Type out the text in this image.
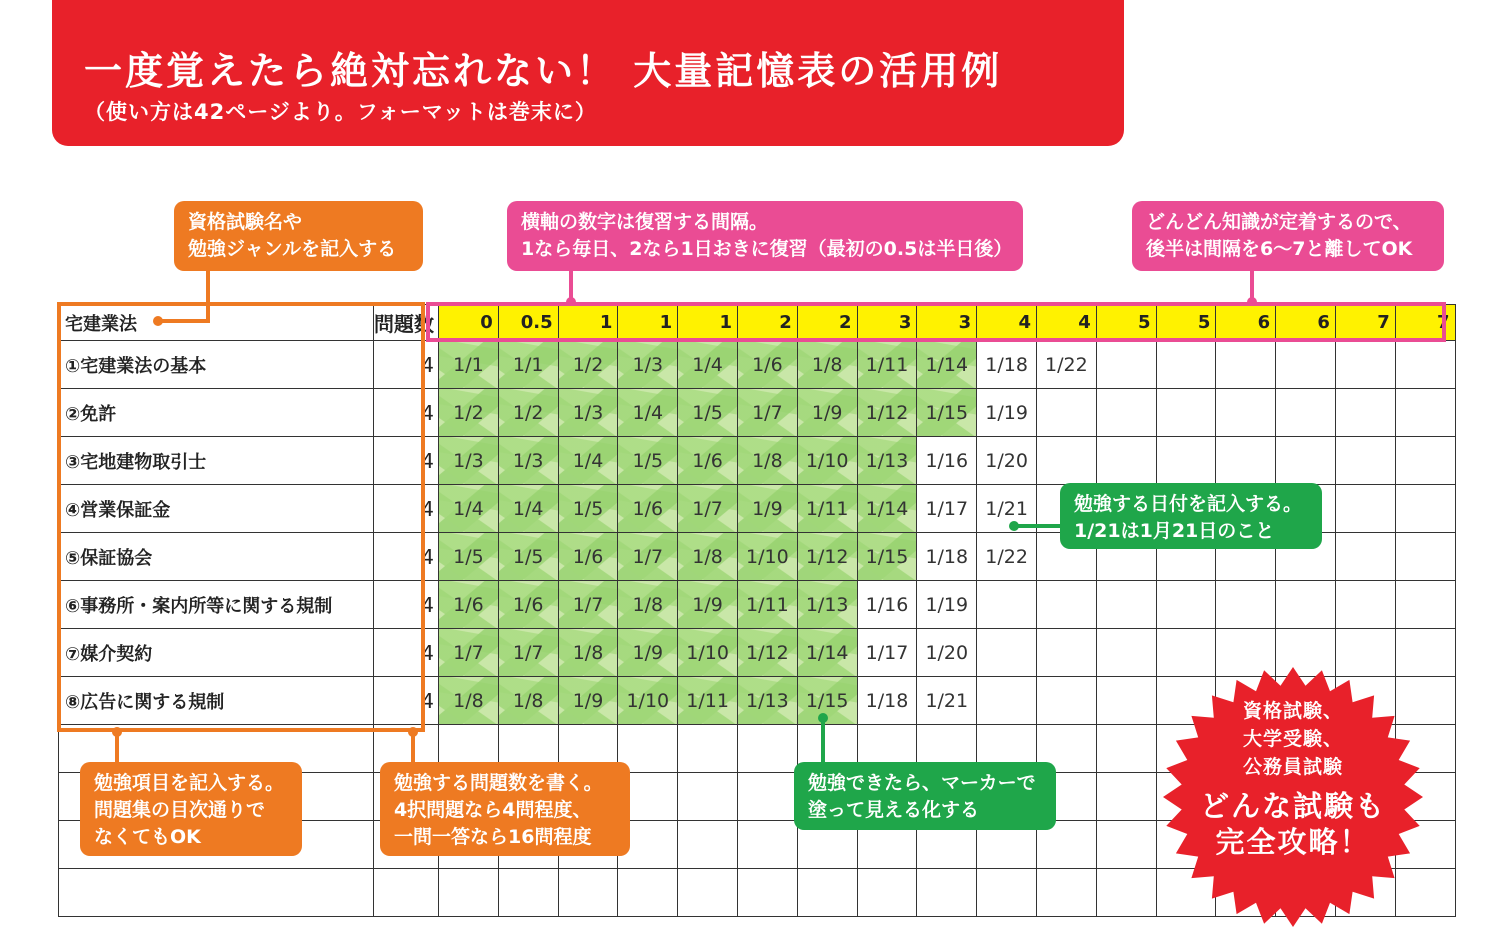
一度覚えたら絶対忘れない！ 大量記憶表の活用例
（使い方は42ページより。フォーマットは巻末に）
資格試験名や
勉強ジャンルを記入する
横軸の数字は復習する間隔。
1なら毎日、2なら1日おきに復習（最初の0.5は半日後）
どんどん知識が定着するので、
後半は間隔を6〜7と離してOK
宅建業法	問題数	0	0.5	1	1	1	2	2	3	3	4	4	5	5	6	6	7	7
①宅建業法の基本	4	1/1	1/1	1/2	1/3	1/4	1/6	1/8	1/11	1/14	1/18	1/22						
②免許	4	1/2	1/2	1/3	1/4	1/5	1/7	1/9	1/12	1/15	1/19							
③宅地建物取引士	4	1/3	1/3	1/4	1/5	1/6	1/8	1/10	1/13	1/16	1/20							
④営業保証金	4	1/4	1/4	1/5	1/6	1/7	1/9	1/11	1/14	1/17	1/21							
⑤保証協会	4	1/5	1/5	1/6	1/7	1/8	1/10	1/12	1/15	1/18	1/22							
⑥事務所・案内所等に関する規制	4	1/6	1/6	1/7	1/8	1/9	1/11	1/13	1/16	1/19								
⑦媒介契約	4	1/7	1/7	1/8	1/9	1/10	1/12	1/14	1/17	1/20								
⑧広告に関する規制	4	1/8	1/8	1/9	1/10	1/11	1/13	1/15	1/18	1/21								

勉強する日付を記入する。
1/21は1月21日のこと
勉強項目を記入する。
問題集の目次通りで
なくてもOK
勉強する問題数を書く。
4択問題なら4問程度、
一問一答なら16問程度
勉強できたら、マーカーで
塗って見える化する
資格試験、
大学受験、
公務員試験
どんな試験も
完全攻略！
